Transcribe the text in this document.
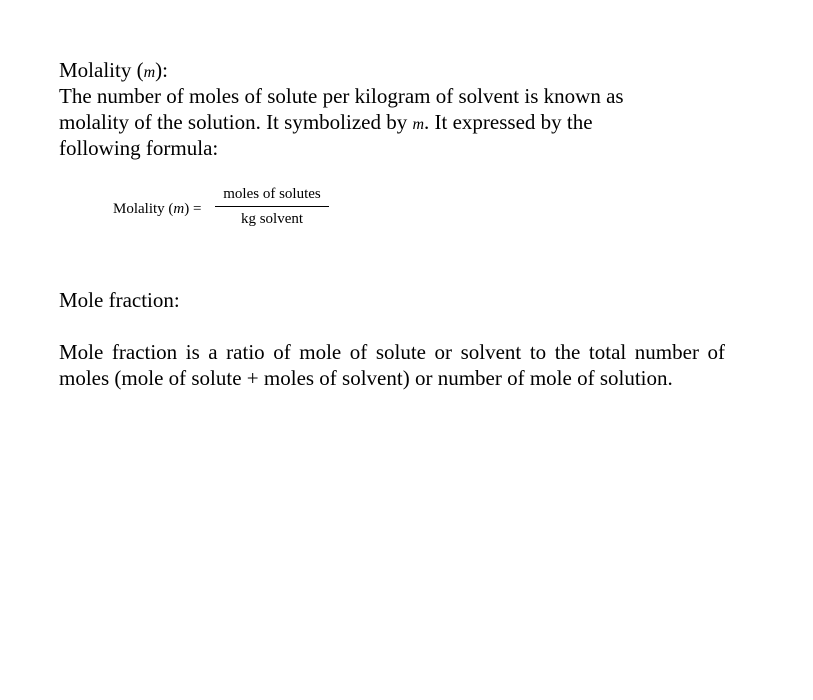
Molality (m):
The number of moles of solute per kilogram of solvent is known as
molality of the solution. It symbolized by m. It expressed by the
following formula:
Molality (m) =
moles of solutes
kg solvent
Mole fraction:
Mole fraction is a ratio of mole of solute or solvent to the total number of moles (mole of solute + moles of solvent) or number of mole of solution.
